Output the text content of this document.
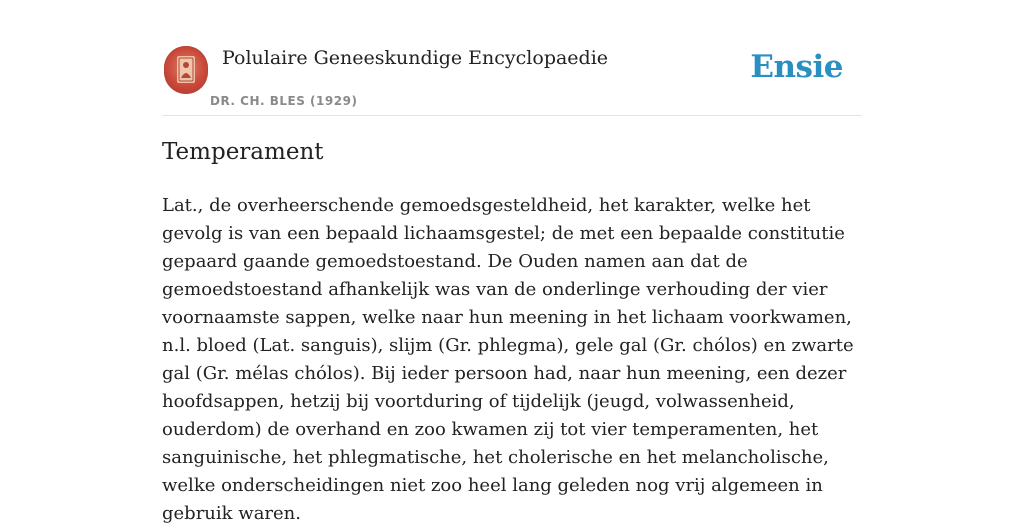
Polulaire Geneeskundige Encyclopaedie
DR. CH. BLES (1929)
Ensie
Temperament

Lat., de overheerschende gemoedsgesteldheid, het karakter, welke het gevolg is van een bepaald lichaamsgestel; de met een bepaalde constitutie gepaard gaande gemoedstoestand. De Ouden namen aan dat de gemoedstoestand afhankelijk was van de onderlinge verhouding der vier voornaamste sappen, welke naar hun meening in het lichaam voorkwamen, n.l. bloed (Lat. sanguis), slijm (Gr. phlegma), gele gal (Gr. chólos) en zwarte gal (Gr. mélas chólos). Bij ieder persoon had, naar hun meening, een dezer hoofdsappen, hetzij bij voortduring of tijdelijk (jeugd, volwassenheid, ouderdom) de overhand en zoo kwamen zij tot vier temperamenten, het sanguinische, het phlegmatische, het cholerische en het melancholische, welke onderscheidingen niet zoo heel lang geleden nog vrij algemeen in gebruik waren.
